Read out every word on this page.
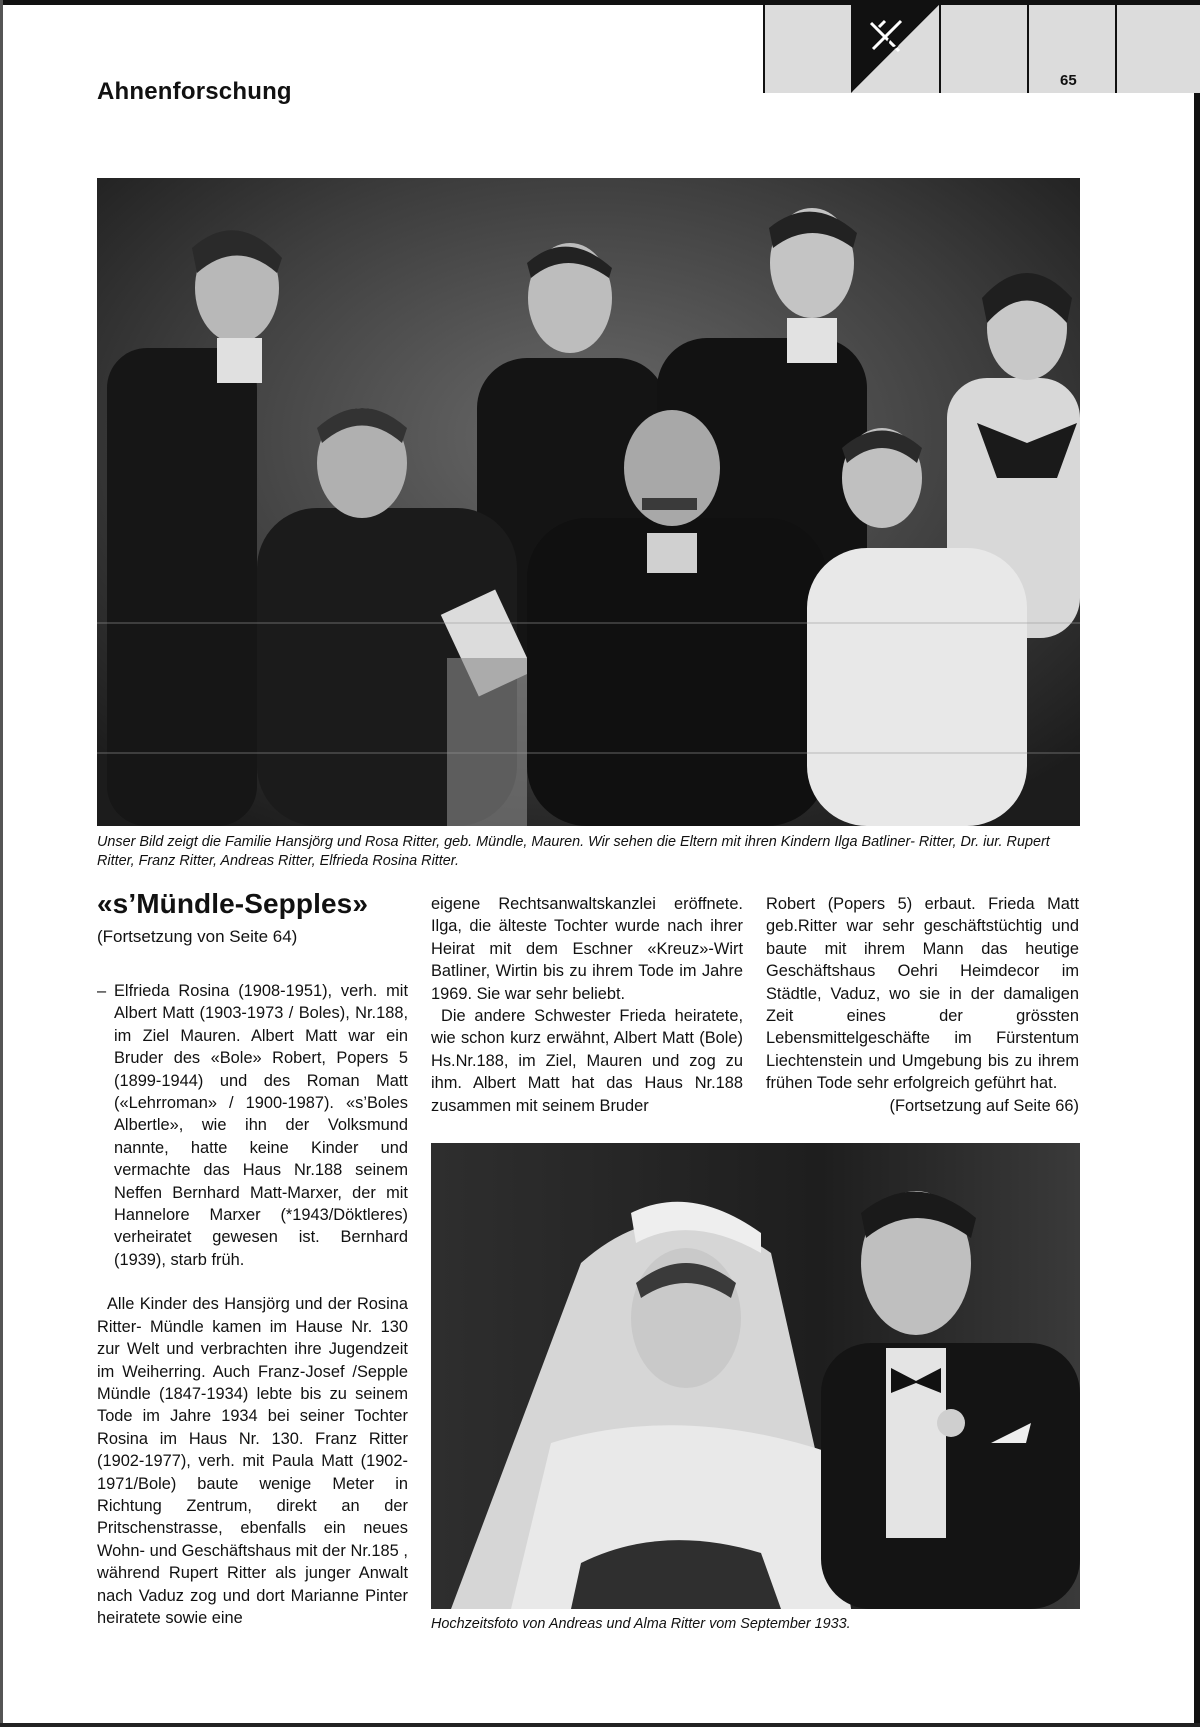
Ahnenforschung	65
Unser Bild zeigt die Familie Hansjörg und Rosa Ritter, geb. Mündle, Mauren. Wir sehen die Eltern mit ihren Kindern Ilga Batliner- Ritter, Dr. iur. Rupert Ritter, Franz Ritter, Andreas Ritter, Elfrieda Rosina Ritter.
«s’Mündle-Sepples»
(Fortsetzung von Seite 64)
– Elfrieda Rosina (1908-1951), verh. mit Albert Matt (1903-1973 / Boles), Nr.188, im Ziel Mauren. Albert Matt war ein Bruder des «Bole» Robert, Popers 5 (1899-1944) und des Roman Matt («Lehrroman» / 1900-1987). «s’Boles Albertle», wie ihn der Volksmund nannte, hatte keine Kinder und vermachte das Haus Nr.188 seinem Neffen Bernhard Matt-Marxer, der mit Hannelore Marxer (*1943/Döktleres) verheiratet gewesen ist. Bernhard (1939), starb früh.

Alle Kinder des Hansjörg und der Rosina Ritter- Mündle kamen im Hause Nr. 130 zur Welt und verbrachten ihre Jugendzeit im Weiherring. Auch Franz-Josef /Sepple Mündle (1847-1934) lebte bis zu seinem Tode im Jahre 1934 bei seiner Tochter Rosina im Haus Nr. 130. Franz Ritter (1902-1977), verh. mit Paula Matt (1902-1971/Bole) baute wenige Meter in Richtung Zentrum, direkt an der Pritschenstrasse, ebenfalls ein neues Wohn- und Geschäftshaus mit der Nr.185 , während Rupert Ritter als junger Anwalt nach Vaduz zog und dort Marianne Pinter heiratete sowie eine

eigene Rechtsanwaltskanzlei eröffnete. Ilga, die älteste Tochter wurde nach ihrer Heirat mit dem Eschner «Kreuz»-Wirt Batliner, Wirtin bis zu ihrem Tode im Jahre 1969. Sie war sehr beliebt.

Die andere Schwester Frieda heiratete, wie schon kurz erwähnt, Albert Matt (Bole) Hs.Nr.188, im Ziel, Mauren und zog zu ihm. Albert Matt hat das Haus Nr.188 zusammen mit seinem Bruder

Robert (Popers 5) erbaut. Frieda Matt geb.Ritter war sehr geschäftstüchtig und baute mit ihrem Mann das heutige Geschäftshaus Oehri Heimdecor im Städtle, Vaduz, wo sie in der damaligen Zeit eines der grössten Lebensmittelgeschäfte im Fürstentum Liechtenstein und Umgebung bis zu ihrem frühen Tode sehr erfolgreich geführt hat.

(Fortsetzung auf Seite 66)

Hochzeitsfoto von Andreas und Alma Ritter vom September 1933.
